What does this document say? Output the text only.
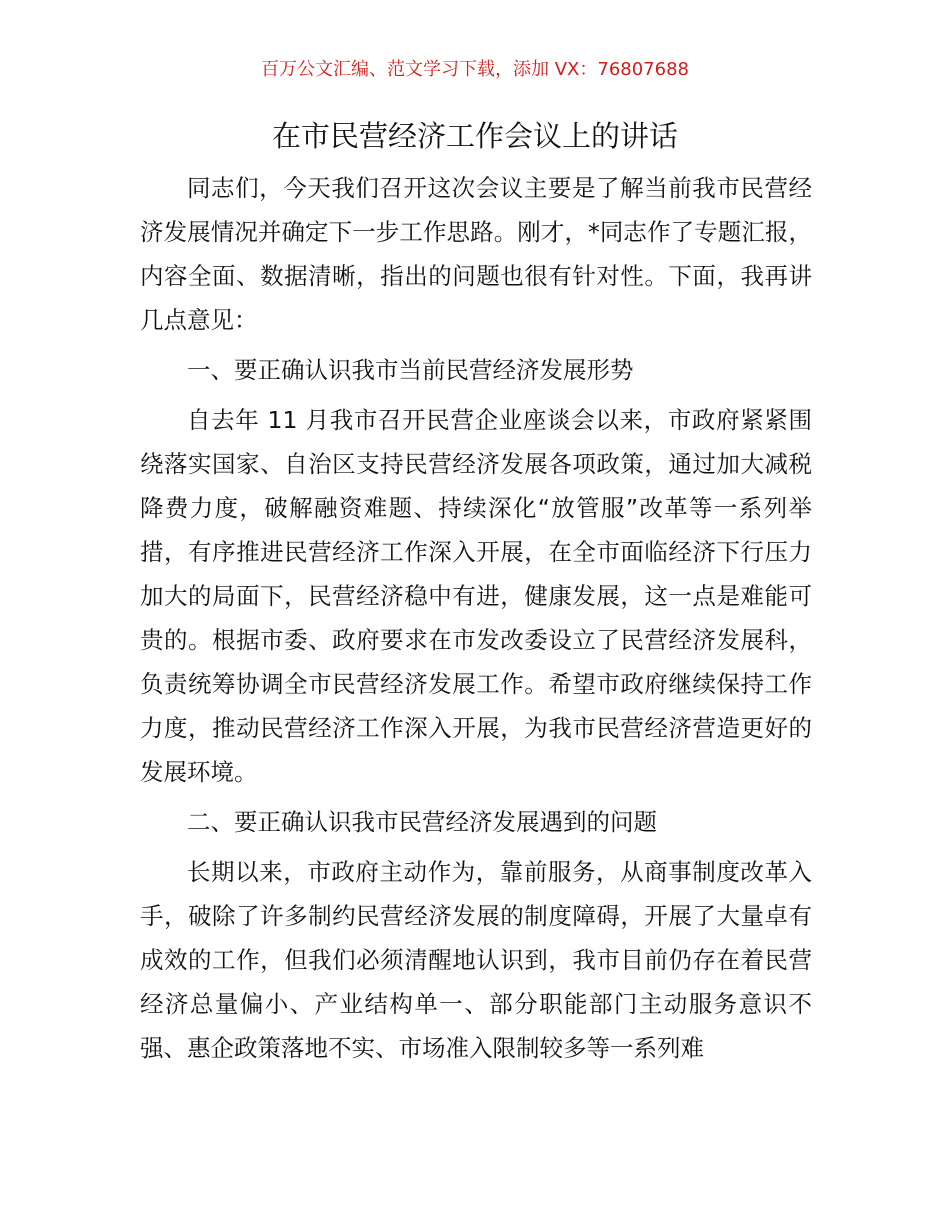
百万公文汇编、范文学习下载，添加 VX：76807688
在市民营经济工作会议上的讲话

同志们，今天我们召开这次会议主要是了解当前我市民营经济发展情况并确定下一步工作思路。刚才，*同志作了专题汇报，内容全面、数据清晰，指出的问题也很有针对性。下面，我再讲几点意见：

一、要正确认识我市当前民营经济发展形势

自去年 11 月我市召开民营企业座谈会以来，市政府紧紧围绕落实国家、自治区支持民营经济发展各项政策，通过加大减税降费力度，破解融资难题、持续深化“放管服”改革等一系列举措，有序推进民营经济工作深入开展，在全市面临经济下行压力加大的局面下，民营经济稳中有进，健康发展，这一点是难能可贵的。根据市委、政府要求在市发改委设立了民营经济发展科，负责统筹协调全市民营经济发展工作。希望市政府继续保持工作力度，推动民营经济工作深入开展，为我市民营经济营造更好的发展环境。

二、要正确认识我市民营经济发展遇到的问题

长期以来，市政府主动作为，靠前服务，从商事制度改革入手，破除了许多制约民营经济发展的制度障碍，开展了大量卓有成效的工作，但我们必须清醒地认识到，我市目前仍存在着民营经济总量偏小、产业结构单一、部分职能部门主动服务意识不强、惠企政策落地不实、市场准入限制较多等一系列难
